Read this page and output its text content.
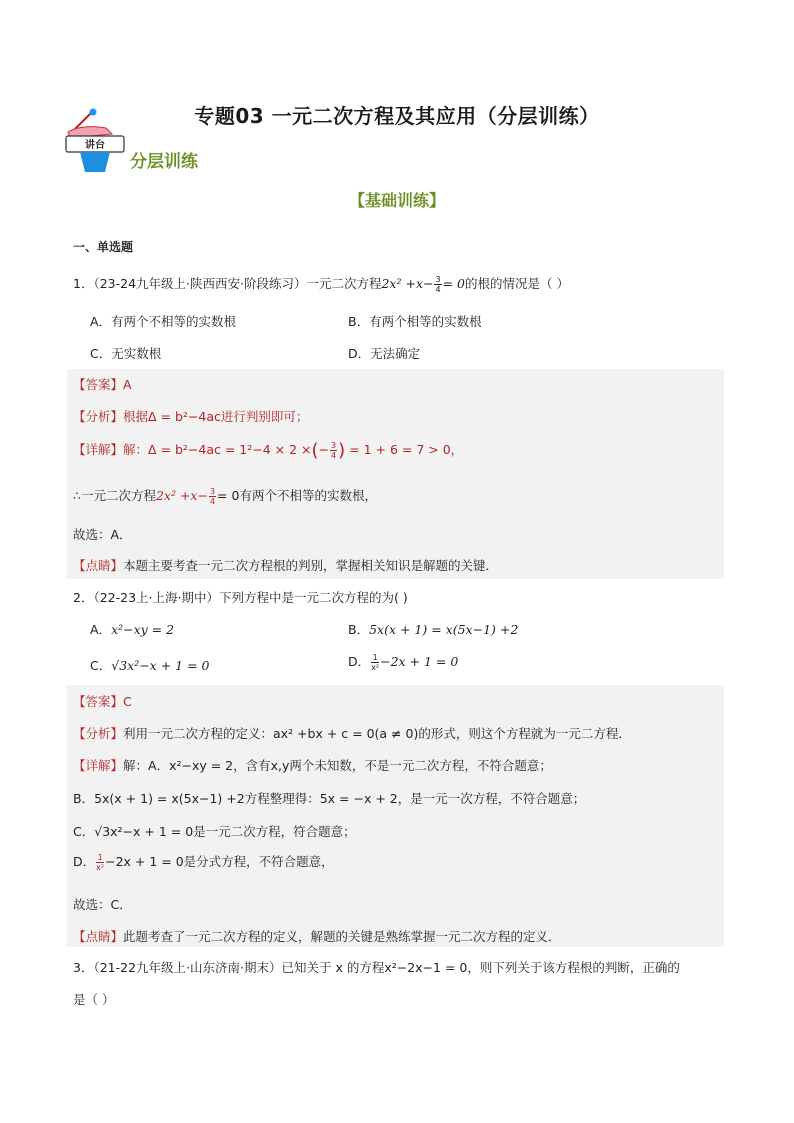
专题03 一元二次方程及其应用（分层训练）
讲台
分层训练
【基础训练】
一、单选题
1．（23-24九年级上·陕西西安·阶段练习）一元二次方程$2x^2 +x- \frac{3}{4} = 0$的根的情况是（ ）
A．有两个不相等的实数根	B．有两个相等的实数根
C．无实数根	D．无法确定
【答案】A
【分析】根据Δ = b²−4ac进行判别即可；
【详解】解：Δ = b²−4ac = 1²−4 × 2 ×(− $\frac{3}{4}$ ) = 1 + 6 = 7 > 0，
∴一元二次方程$2x^2 +x- \frac{3}{4} = 0$有两个不相等的实数根，
故选：A．
【点睛】本题主要考查一元二次方程根的判别，掌握相关知识是解题的关键．
2．（22-23上·上海·期中）下列方程中是一元二次方程的为( )
A．x²−xy = 2	B．5x(x + 1) = x(5x−1) +2
C．√3x²−x + 1 = 0	D． $\frac{1}{\text{x²}} -2x + 1 = 0$
【答案】C
【分析】利用一元二次方程的定义：ax² +bx + c = 0(a ≠ 0)的形式，则这个方程就为一元二方程．
【详解】解：A．x²−xy = 2，含有x,y两个未知数，不是一元二次方程，不符合题意；
B．5x(x + 1) = x(5x−1) +2方程整理得：5x = −x + 2，是一元一次方程，不符合题意；
C．√3x²−x + 1 = 0是一元二次方程，符合题意；
D． $\frac{1}{\text{x²}} -2x + 1 = 0$是分式方程，不符合题意，
故选：C．
【点睛】此题考查了一元二次方程的定义，解题的关键是熟练掌握一元二次方程的定义．
3．（21-22九年级上·山东济南·期末）已知关于 x 的方程x²−2x−1 = 0，则下列关于该方程根的判断，正确的
是（ ）
